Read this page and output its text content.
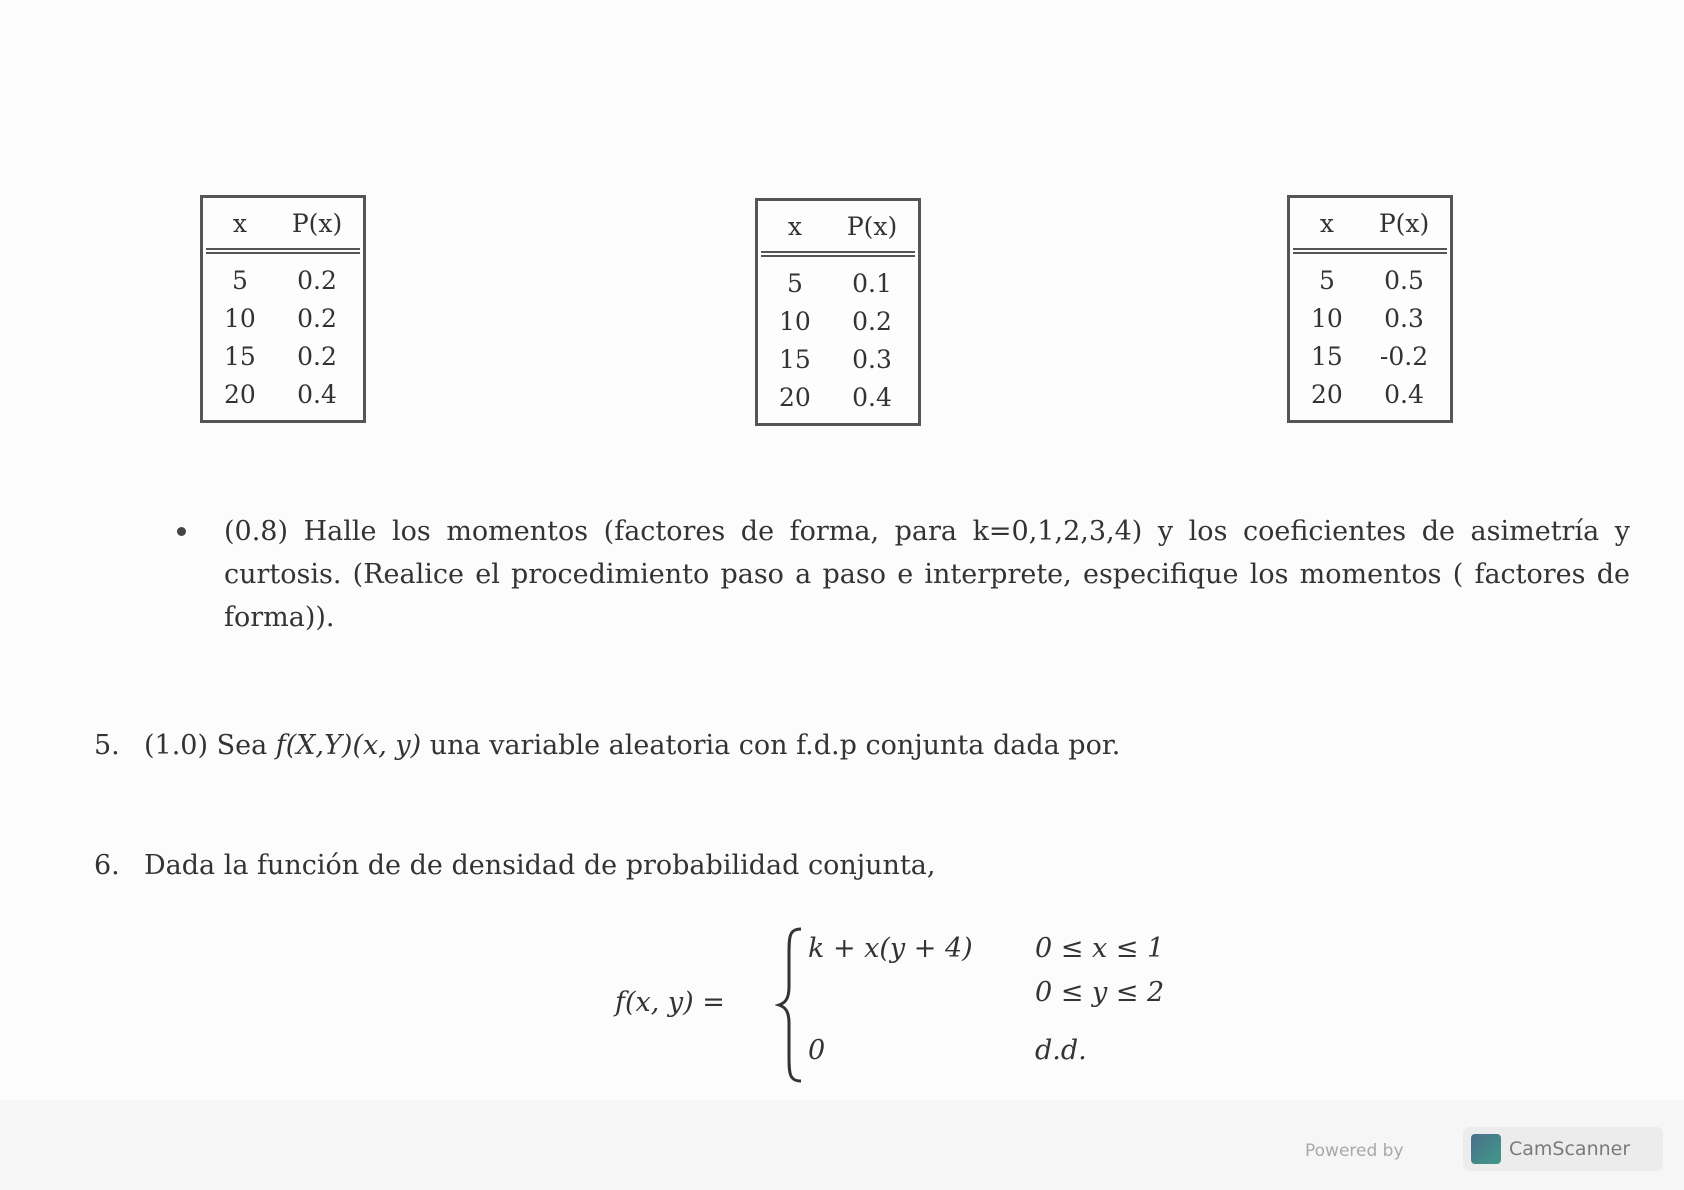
x	P(x)
5	0.2
10	0.2
15	0.2
20	0.4
x	P(x)
5	0.1
10	0.2
15	0.3
20	0.4
x	P(x)
5	0.5
10	0.3
15	-0.2
20	0.4
(0.8) Halle los momentos (factores de forma, para k=0,1,2,3,4) y los coeficientes de asimetría y curtosis. (Realice el procedimiento paso a paso e interprete, especifique los momentos ( factores de forma)).
5. (1.0) Sea f(X,Y)(x, y) una variable aleatoria con f.d.p conjunta dada por.
6. Dada la función de de densidad de probabilidad conjunta,
f(x, y) =
k + x(y + 4) 0 ≤ x ≤ 1
0 ≤ y ≤ 2
0	d.d.
Powered by	CamScanner
